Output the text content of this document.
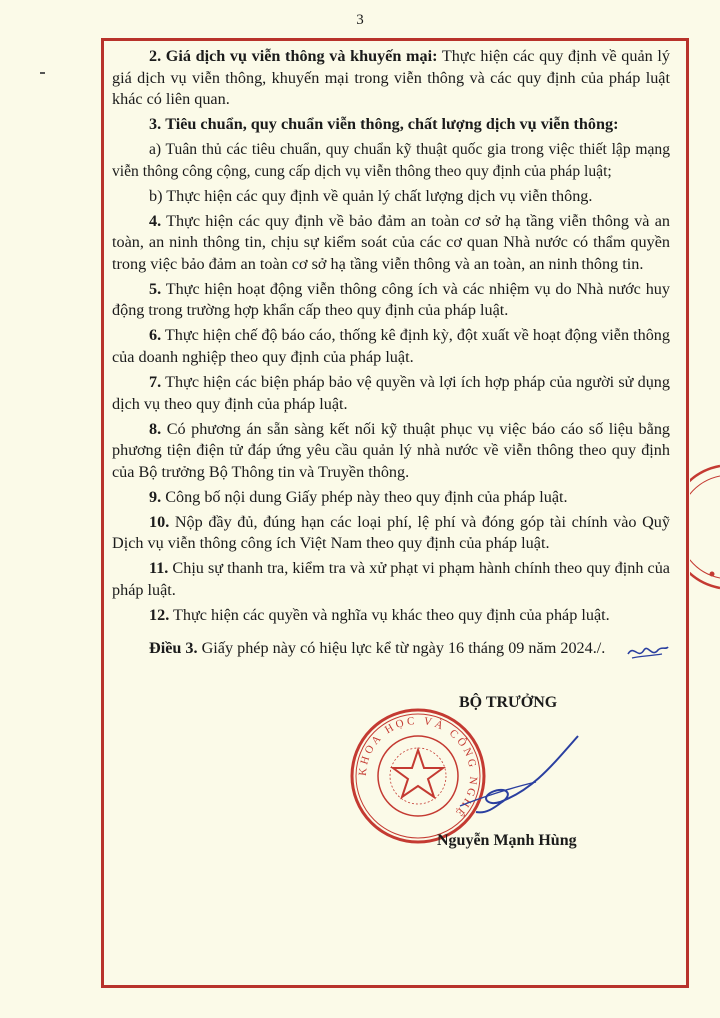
3

2. Giá dịch vụ viễn thông và khuyến mại: Thực hiện các quy định về quản lý giá dịch vụ viễn thông, khuyến mại trong viễn thông và các quy định của pháp luật khác có liên quan.

3. Tiêu chuẩn, quy chuẩn viễn thông, chất lượng dịch vụ viễn thông:

a) Tuân thủ các tiêu chuẩn, quy chuẩn kỹ thuật quốc gia trong việc thiết lập mạng viễn thông công cộng, cung cấp dịch vụ viễn thông theo quy định của pháp luật;

b) Thực hiện các quy định về quản lý chất lượng dịch vụ viễn thông.

4. Thực hiện các quy định về bảo đảm an toàn cơ sở hạ tầng viễn thông và an toàn, an ninh thông tin, chịu sự kiểm soát của các cơ quan Nhà nước có thẩm quyền trong việc bảo đảm an toàn cơ sở hạ tầng viễn thông và an toàn, an ninh thông tin.

5. Thực hiện hoạt động viễn thông công ích và các nhiệm vụ do Nhà nước huy động trong trường hợp khẩn cấp theo quy định của pháp luật.

6. Thực hiện chế độ báo cáo, thống kê định kỳ, đột xuất về hoạt động viễn thông của doanh nghiệp theo quy định của pháp luật.

7. Thực hiện các biện pháp bảo vệ quyền và lợi ích hợp pháp của người sử dụng dịch vụ theo quy định của pháp luật.

8. Có phương án sẵn sàng kết nối kỹ thuật phục vụ việc báo cáo số liệu bằng phương tiện điện tử đáp ứng yêu cầu quản lý nhà nước về viễn thông theo quy định của Bộ trưởng Bộ Thông tin và Truyền thông.

9. Công bố nội dung Giấy phép này theo quy định của pháp luật.

10. Nộp đầy đủ, đúng hạn các loại phí, lệ phí và đóng góp tài chính vào Quỹ Dịch vụ viễn thông công ích Việt Nam theo quy định của pháp luật.

11. Chịu sự thanh tra, kiểm tra và xử phạt vi phạm hành chính theo quy định của pháp luật.

12. Thực hiện các quyền và nghĩa vụ khác theo quy định của pháp luật.

Điều 3. Giấy phép này có hiệu lực kể từ ngày 16 tháng 09 năm 2024./.
BỘ TRƯỞNG
KHOA HỌC VÀ CÔNG NGHỆ
Nguyễn Mạnh Hùng
